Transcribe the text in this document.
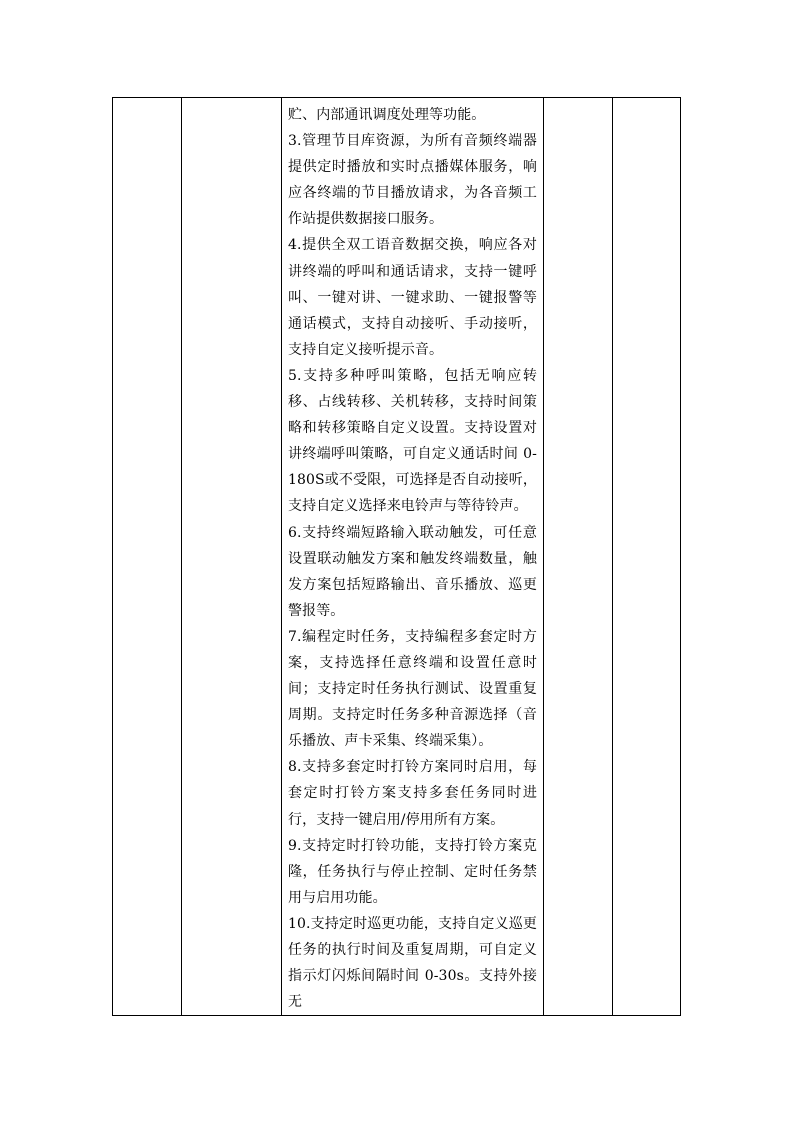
贮、内部通讯调度处理等功能。

3.管理节目库资源，为所有音频终端器提供定时播放和实时点播媒体服务，响应各终端的节目播放请求，为各音频工作站提供数据接口服务。

4.提供全双工语音数据交换，响应各对讲终端的呼叫和通话请求，支持一键呼叫、一键对讲、一键求助、一键报警等通话模式，支持自动接听、手动接听，支持自定义接听提示音。

5.支持多种呼叫策略，包括无响应转移、占线转移、关机转移，支持时间策略和转移策略自定义设置。支持设置对讲终端呼叫策略，可自定义通话时间 0-180S或不受限，可选择是否自动接听，支持自定义选择来电铃声与等待铃声。

6.支持终端短路输入联动触发，可任意设置联动触发方案和触发终端数量，触发方案包括短路输出、音乐播放、巡更警报等。

7.编程定时任务，支持编程多套定时方案，支持选择任意终端和设置任意时间；支持定时任务执行测试、设置重复周期。支持定时任务多种音源选择（音乐播放、声卡采集、终端采集）。

8.支持多套定时打铃方案同时启用，每套定时打铃方案支持多套任务同时进行，支持一键启用/停用所有方案。

9.支持定时打铃功能，支持打铃方案克隆，任务执行与停止控制、定时任务禁用与启用功能。

10.支持定时巡更功能，支持自定义巡更任务的执行时间及重复周期，可自定义指示灯闪烁间隔时间 0-30s。支持外接无
